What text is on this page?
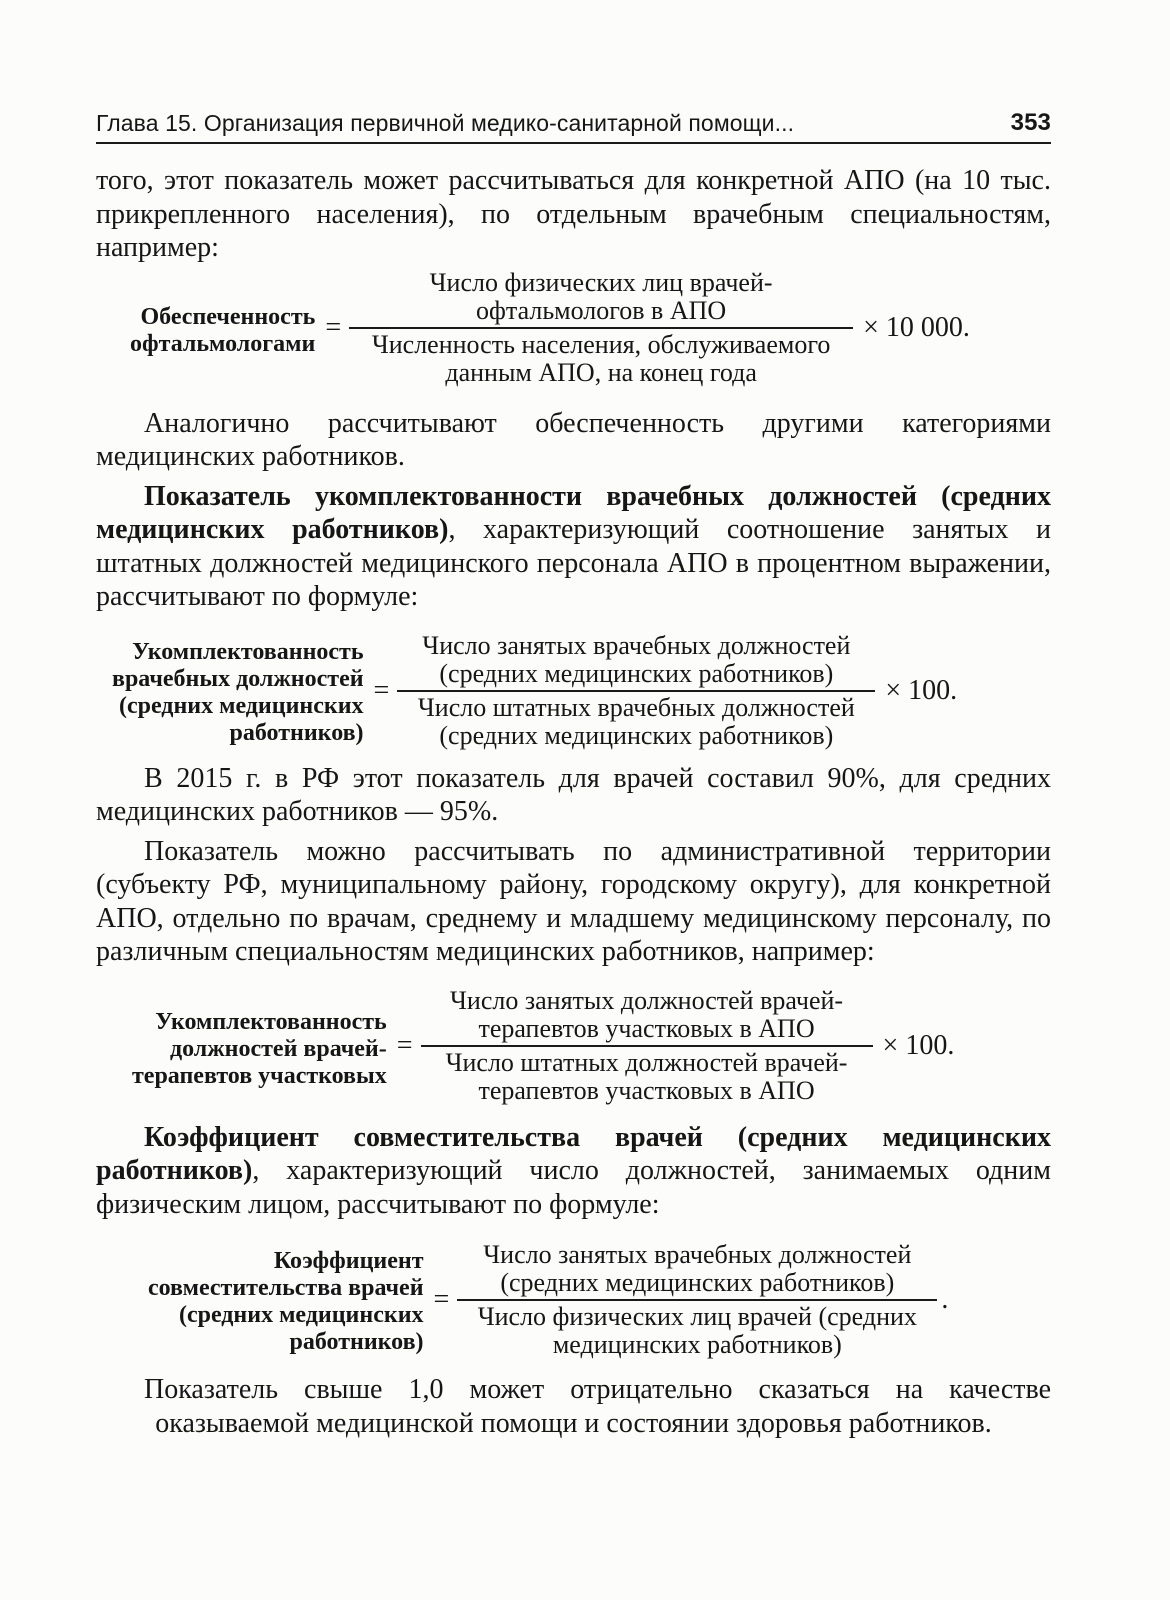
Глава 15. Организация первичной медико-санитарной помощи...	353

того, этот показатель может рассчитываться для конкретной АПО (на 10 тыс. прикрепленного населения), по отдельным врачебным специальностям, например:

Обеспеченность
офтальмологами
=
Число физических лиц врачей-
офтальмологов в АПО
Численность населения, обслуживаемого
данным АПО, на конец года
× 10 000.

Аналогично рассчитывают обеспеченность другими категориями медицинских работников.

Показатель укомплектованности врачебных должностей (средних медицинских работников), характеризующий соотношение занятых и штатных должностей медицинского персонала АПО в процентном выражении, рассчитывают по формуле:

Укомплектованность
врачебных должностей
(средних медицинских
работников)
=
Число занятых врачебных должностей
(средних медицинских работников)
Число штатных врачебных должностей
(средних медицинских работников)
× 100.

В 2015 г. в РФ этот показатель для врачей составил 90%, для средних медицинских работников — 95%.

Показатель можно рассчитывать по административной территории (субъекту РФ, муниципальному району, городскому округу), для конкретной АПО, отдельно по врачам, среднему и младшему медицинскому персоналу, по различным специальностям медицинских работников, например:

Укомплектованность
должностей врачей-
терапевтов участковых
=
Число занятых должностей врачей-
терапевтов участковых в АПО
Число штатных должностей врачей-
терапевтов участковых в АПО
× 100.

Коэффициент совместительства врачей (средних медицинских работников), характеризующий число должностей, занимаемых одним физическим лицом, рассчитывают по формуле:

Коэффициент
совместительства врачей
(средних медицинских
работников)
=
Число занятых врачебных должностей
(средних медицинских работников)
Число физических лиц врачей (средних
медицинских работников)
.

Показатель свыше 1,0 может отрицательно сказаться на качестве оказываемой медицинской помощи и состоянии здоровья работников.
